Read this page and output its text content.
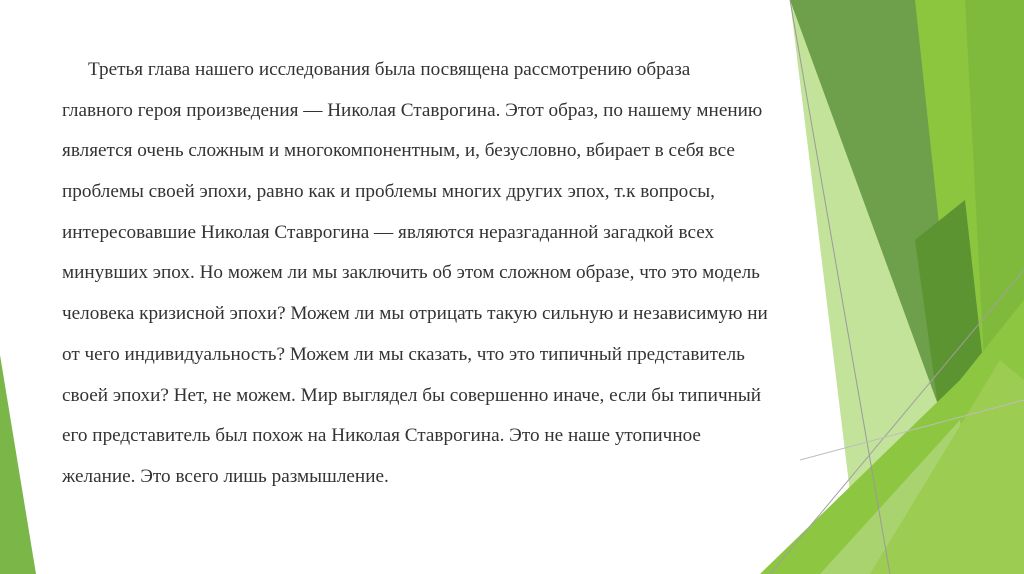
Третья глава нашего исследования была посвящена рассмотрению образа
главного героя произведения — Николая Ставрогина. Этот образ, по нашему мнению
является очень сложным и многокомпонентным, и, безусловно, вбирает в себя все
проблемы своей эпохи, равно как и проблемы многих других эпох, т.к вопросы,
интересовавшие Николая Ставрогина — являются неразгаданной загадкой всех
минувших эпох. Но можем ли мы заключить об этом сложном образе, что это модель
человека кризисной эпохи? Можем ли мы отрицать такую сильную и независимую ни
от чего индивидуальность? Можем ли мы сказать, что это типичный представитель
своей эпохи? Нет, не можем. Мир выглядел бы совершенно иначе, если бы типичный
его представитель был похож на Николая Ставрогина. Это не наше утопичное
желание. Это всего лишь размышление.
